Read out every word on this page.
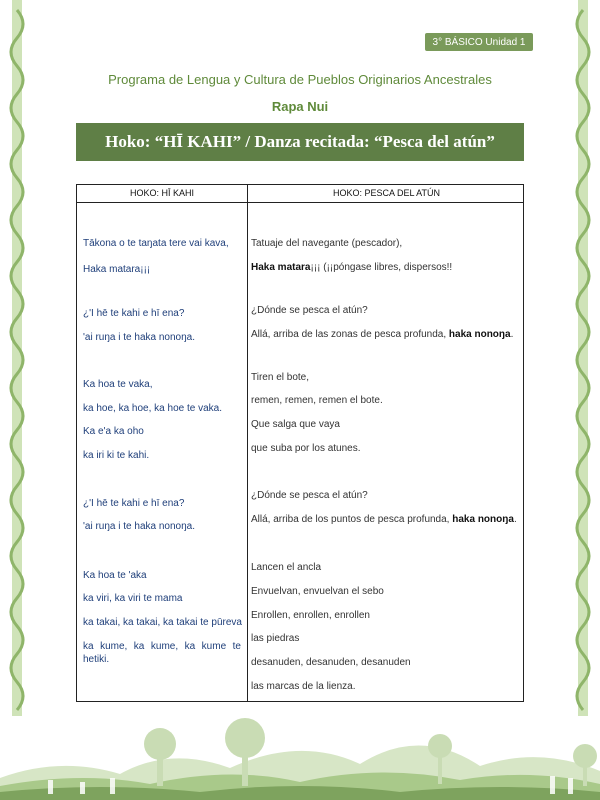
3° BÁSICO Unidad 1
Programa de Lengua y Cultura de Pueblos Originarios Ancestrales
Rapa Nui
Hoko: “HĪ KAHI” / Danza recitada: “Pesca del atún”
HOKO: HĪ KAHI	HOKO: PESCA DEL ATÚN
Tākona o te taŋata tere vai kava,
Haka matara¡¡¡
¿'I hē te kahi e hī ena?
'ai ruŋa i te haka nonoŋa.
Ka hoa te vaka,
ka hoe, ka hoe, ka hoe te vaka.
Ka e'a ka oho
ka iri ki te kahi.
¿'I hē te kahi e hī ena?
'ai ruŋa i te haka nonoŋa.
Ka hoa te 'aka
ka viri, ka viri te mama
ka takai, ka takai, ka takai te pūreva
ka kume, ka kume, ka kume te hetiki.
Tatuaje del navegante (pescador),
Haka matara¡¡¡ (¡¡póngase libres, dispersos!!
¿Dónde se pesca el atún?
Allá, arriba de las zonas de pesca profunda, haka nonoŋa.
Tiren el bote,
remen, remen, remen el bote.
Que salga que vaya
que suba por los atunes.
¿Dónde se pesca el atún?
Allá, arriba de los puntos de pesca profunda, haka nonoŋa.
Lancen el ancla
Envuelvan, envuelvan el sebo
Enrollen, enrollen, enrollen
las piedras
desanuden, desanuden, desanuden
las marcas de la lienza.
